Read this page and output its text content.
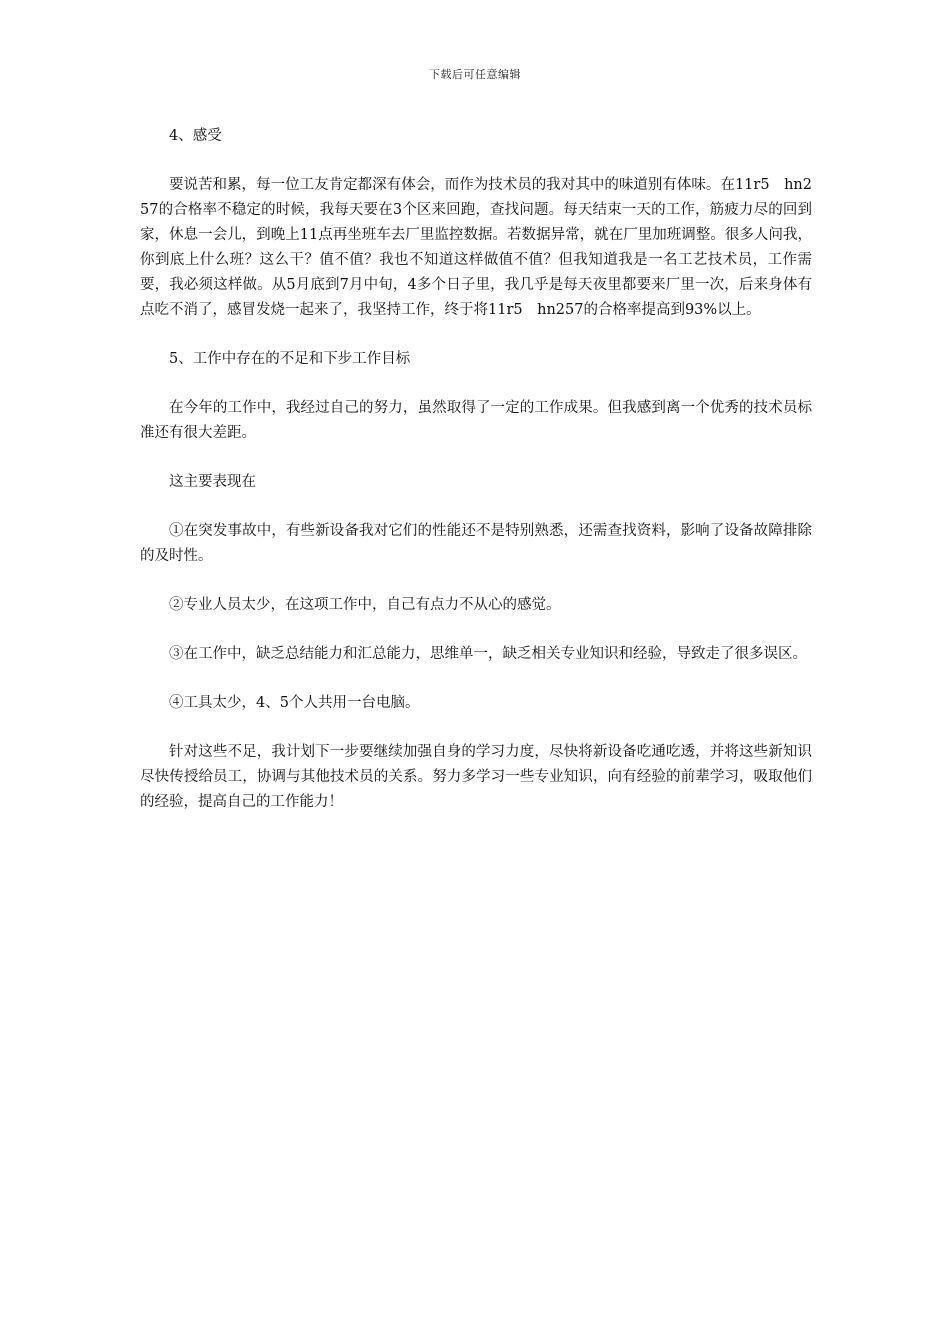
下载后可任意编辑

4、感受

要说苦和累，每一位工友肯定都深有体会，而作为技术员的我对其中的味道别有体味。在11r5　hn257的合格率不稳定的时候，我每天要在3个区来回跑，查找问题。每天结束一天的工作，筋疲力尽的回到家，休息一会儿，到晚上11点再坐班车去厂里监控数据。若数据异常，就在厂里加班调整。很多人问我，你到底上什么班？这么干？值不值？我也不知道这样做值不值？但我知道我是一名工艺技术员，工作需要，我必须这样做。从5月底到7月中旬，4多个日子里，我几乎是每天夜里都要来厂里一次，后来身体有点吃不消了，感冒发烧一起来了，我坚持工作，终于将11r5　hn257的合格率提高到93%以上。

5、工作中存在的不足和下步工作目标

在今年的工作中，我经过自己的努力，虽然取得了一定的工作成果。但我感到离一个优秀的技术员标准还有很大差距。

这主要表现在

①在突发事故中，有些新设备我对它们的性能还不是特别熟悉，还需查找资料，影响了设备故障排除的及时性。

②专业人员太少，在这项工作中，自己有点力不从心的感觉。

③在工作中，缺乏总结能力和汇总能力，思维单一，缺乏相关专业知识和经验，导致走了很多误区。

④工具太少，4、5个人共用一台电脑。

针对这些不足，我计划下一步要继续加强自身的学习力度，尽快将新设备吃通吃透，并将这些新知识尽快传授给员工，协调与其他技术员的关系。努力多学习一些专业知识，向有经验的前辈学习，吸取他们的经验，提高自己的工作能力！
